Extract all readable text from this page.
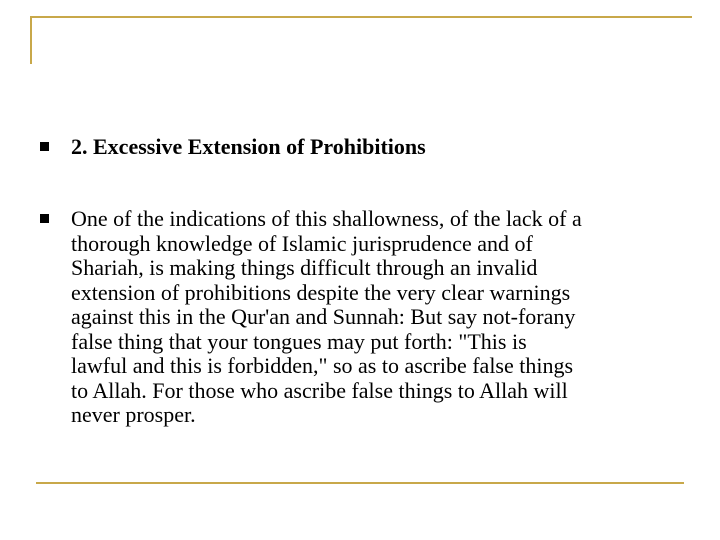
2. Excessive Extension of Prohibitions
One of the indications of this shallowness, of the lack of a
thorough knowledge of Islamic jurisprudence and of
Shariah, is making things difficult through an invalid
extension of prohibitions despite the very clear warnings
against this in the Qur'an and Sunnah: But say not-forany
false thing that your tongues may put forth: "This is
lawful and this is forbidden," so as to ascribe false things
to Allah. For those who ascribe false things to Allah will
never prosper.
